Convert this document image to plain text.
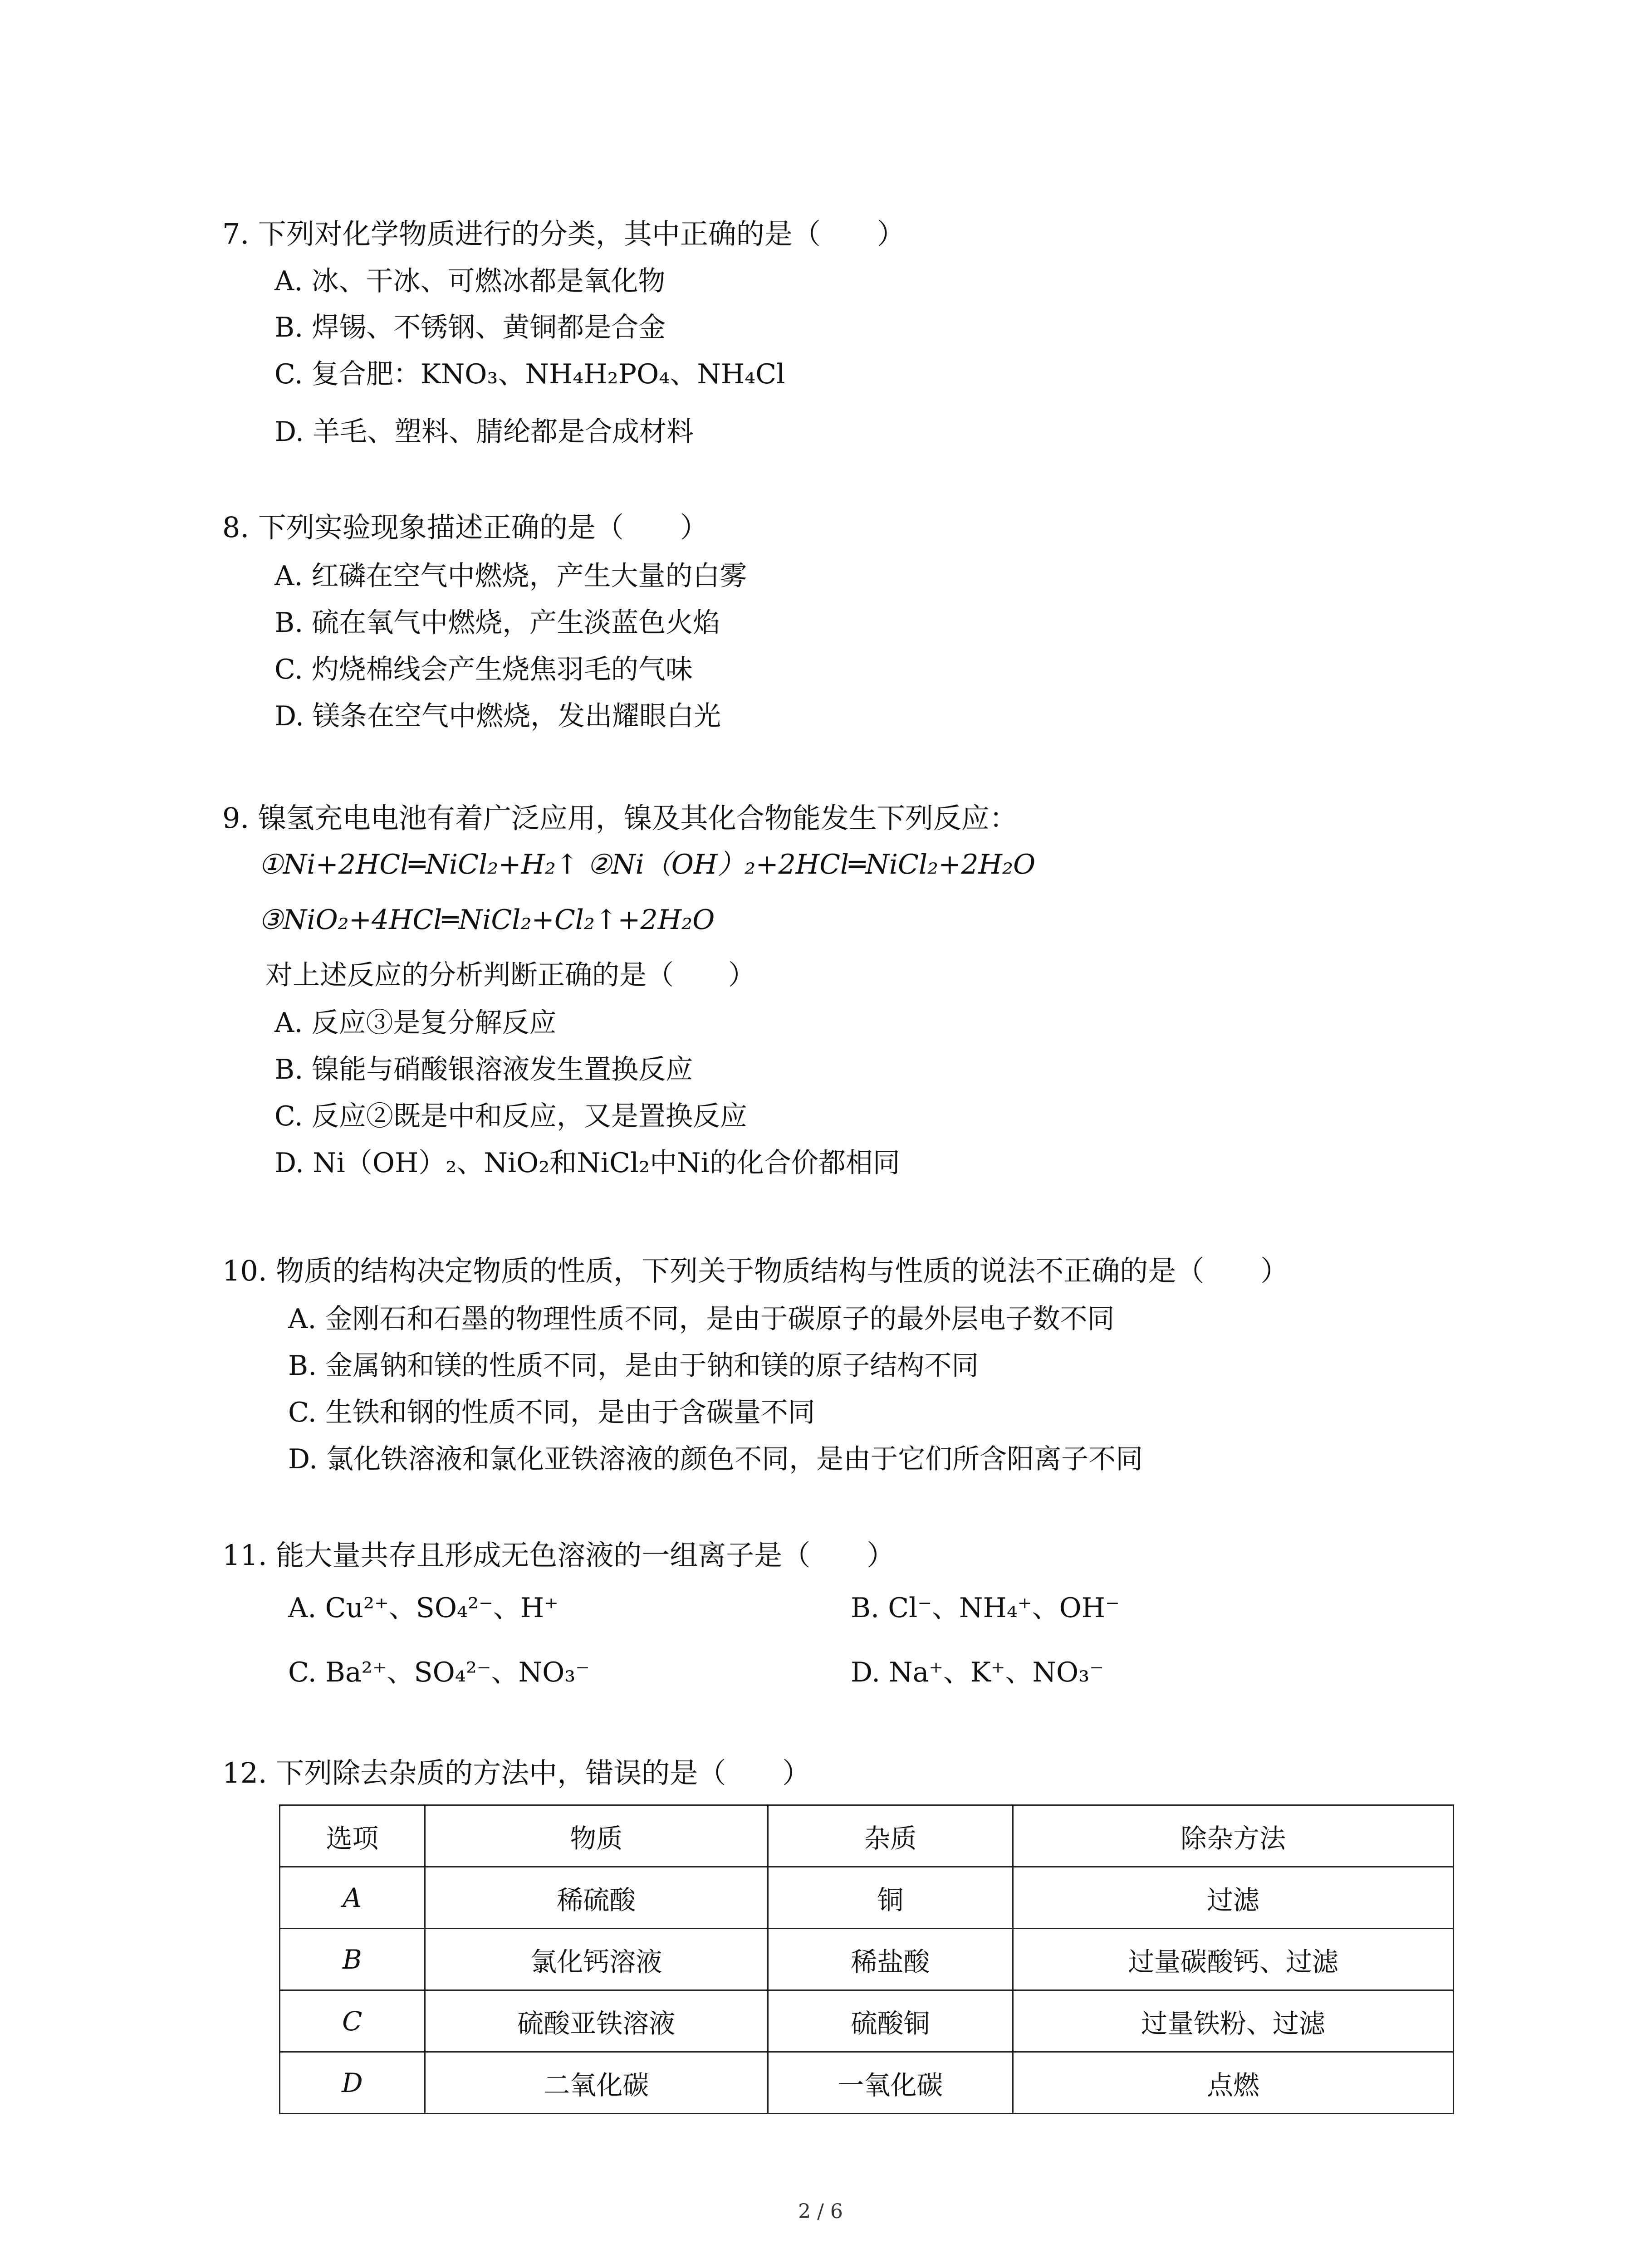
7. 下列对化学物质进行的分类，其中正确的是（　　）
A. 冰、干冰、可燃冰都是氧化物
B. 焊锡、不锈钢、黄铜都是合金
C. 复合肥：KNO₃、NH₄H₂PO₄、NH₄Cl
D. 羊毛、塑料、腈纶都是合成材料
8. 下列实验现象描述正确的是（　　）
A. 红磷在空气中燃烧，产生大量的白雾
B. 硫在氧气中燃烧，产生淡蓝色火焰
C. 灼烧棉线会产生烧焦羽毛的气味
D. 镁条在空气中燃烧，发出耀眼白光
9. 镍氢充电电池有着广泛应用，镍及其化合物能发生下列反应：
①Ni+2HCl═NiCl₂+H₂↑ ②Ni（OH）₂+2HCl═NiCl₂+2H₂O
③NiO₂+4HCl═NiCl₂+Cl₂↑+2H₂O
对上述反应的分析判断正确的是（　　）
A. 反应③是复分解反应
B. 镍能与硝酸银溶液发生置换反应
C. 反应②既是中和反应，又是置换反应
D. Ni（OH）₂、NiO₂和NiCl₂中Ni的化合价都相同
10. 物质的结构决定物质的性质，下列关于物质结构与性质的说法不正确的是（　　）
A. 金刚石和石墨的物理性质不同，是由于碳原子的最外层电子数不同
B. 金属钠和镁的性质不同，是由于钠和镁的原子结构不同
C. 生铁和钢的性质不同，是由于含碳量不同
D. 氯化铁溶液和氯化亚铁溶液的颜色不同，是由于它们所含阳离子不同
11. 能大量共存且形成无色溶液的一组离子是（　　）
A. Cu²⁺、SO₄²⁻、H⁺	B. Cl⁻、NH₄⁺、OH⁻
C. Ba²⁺、SO₄²⁻、NO₃⁻	D. Na⁺、K⁺、NO₃⁻
12. 下列除去杂质的方法中，错误的是（　　）
选项	物质	杂质	除杂方法
A	稀硫酸	铜	过滤
B	氯化钙溶液	稀盐酸	过量碳酸钙、过滤
C	硫酸亚铁溶液	硫酸铜	过量铁粉、过滤
D	二氧化碳	一氧化碳	点燃
2 / 6
